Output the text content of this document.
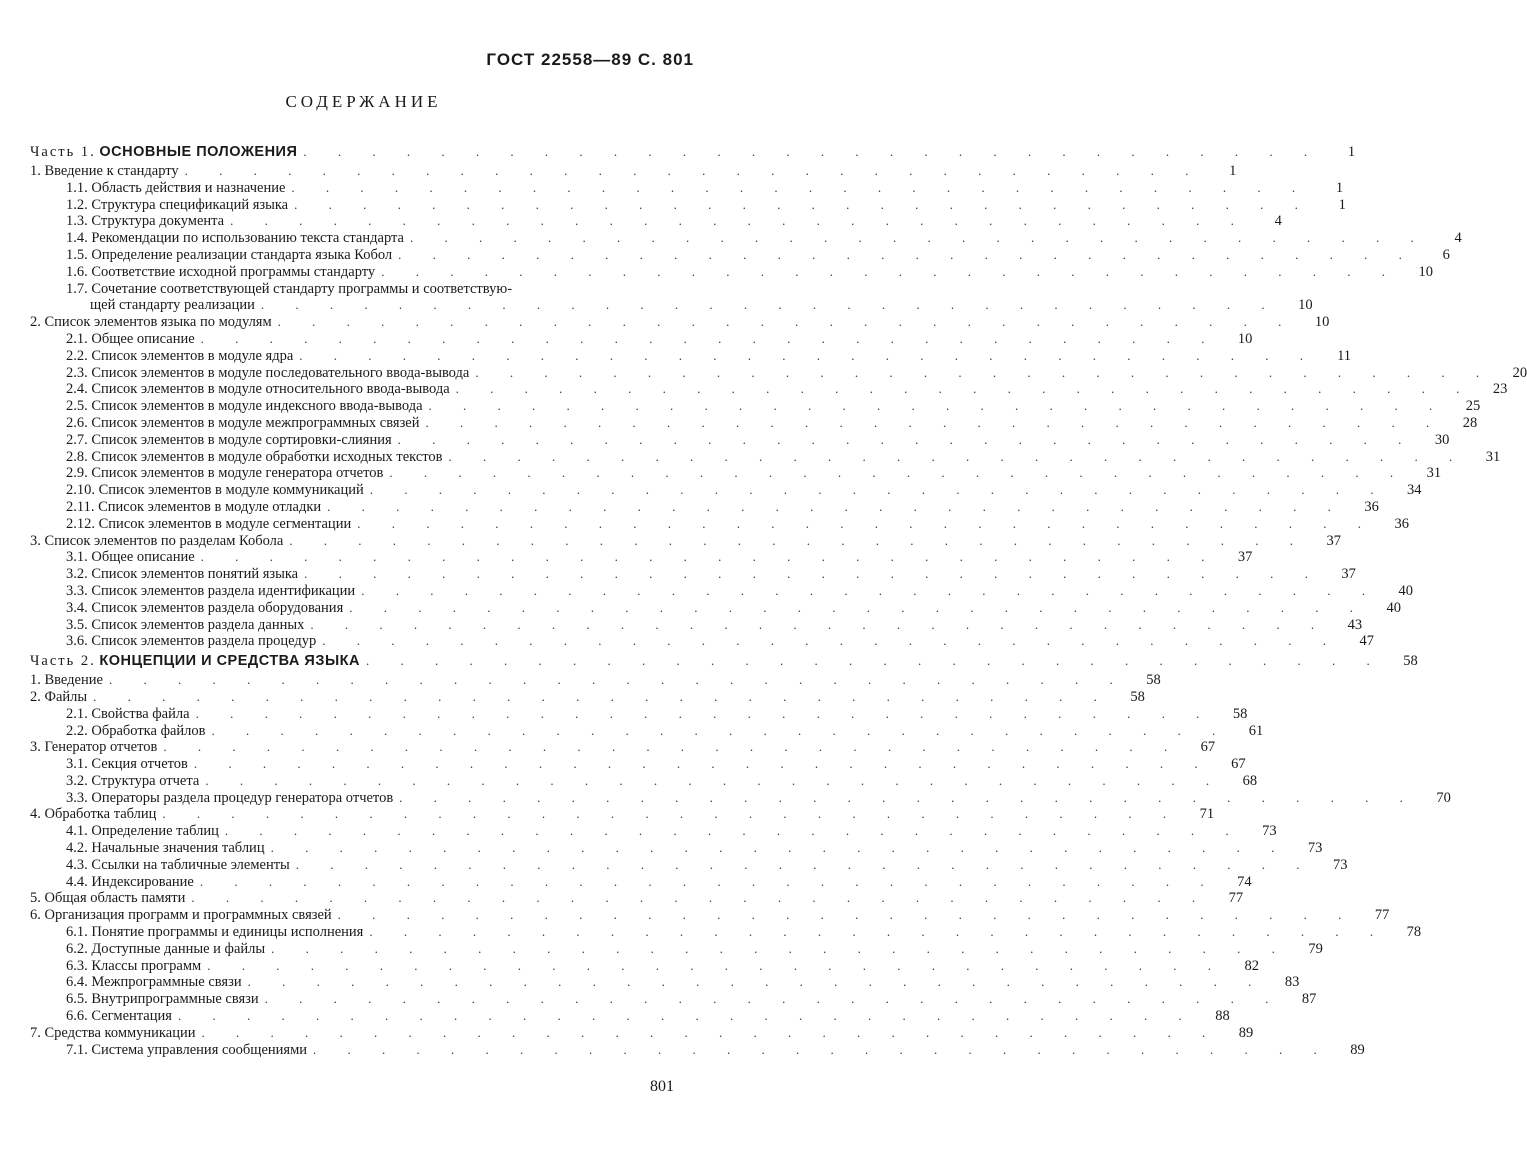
ГОСТ 22558—89 С. 801
СОДЕРЖАНИЕ
Часть 1. ОСНОВНЫЕ ПОЛОЖЕНИЯ . . . . . . . . . . . . . . . . . . . . . . . . . . . . . .	1
1. Введение к стандарту . . . . . . . . . . . . . . . . . . . . . . . . . . . . . .	1
1.1. Область действия и назначение . . . . . . . . . . . . . . . . . . . . . . . . . . . . . .	1
1.2. Структура спецификаций языка . . . . . . . . . . . . . . . . . . . . . . . . . . . . . .	1
1.3. Структура документа . . . . . . . . . . . . . . . . . . . . . . . . . . . . . .	4
1.4. Рекомендации по использованию текста стандарта . . . . . . . . . . . . . . . . . . . . . . . . . . . . . .	4
1.5. Определение реализации стандарта языка Кобол . . . . . . . . . . . . . . . . . . . . . . . . . . . . . .	6
1.6. Соответствие исходной программы стандарту . . . . . . . . . . . . . . . . . . . . . . . . . . . . . .	10
1.7. Сочетание соответствующей стандарту программы и соответствую-
щей стандарту реализации . . . . . . . . . . . . . . . . . . . . . . . . . . . . . .	10
2. Список элементов языка по модулям . . . . . . . . . . . . . . . . . . . . . . . . . . . . . .	10
2.1. Общее описание . . . . . . . . . . . . . . . . . . . . . . . . . . . . . .	10
2.2. Список элементов в модуле ядра . . . . . . . . . . . . . . . . . . . . . . . . . . . . . .	11
2.3. Список элементов в модуле последовательного ввода-вывода . . . . . . . . . . . . . . . . . . . . . . . . . . . . . .	20
2.4. Список элементов в модуле относительного ввода-вывода . . . . . . . . . . . . . . . . . . . . . . . . . . . . . .	23
2.5. Список элементов в модуле индексного ввода-вывода . . . . . . . . . . . . . . . . . . . . . . . . . . . . . .	25
2.6. Список элементов в модуле межпрограммных связей . . . . . . . . . . . . . . . . . . . . . . . . . . . . . .	28
2.7. Список элементов в модуле сортировки-слияния . . . . . . . . . . . . . . . . . . . . . . . . . . . . . .	30
2.8. Список элементов в модуле обработки исходных текстов . . . . . . . . . . . . . . . . . . . . . . . . . . . . . .	31
2.9. Список элементов в модуле генератора отчетов . . . . . . . . . . . . . . . . . . . . . . . . . . . . . .	31
2.10. Список элементов в модуле коммуникаций . . . . . . . . . . . . . . . . . . . . . . . . . . . . . .	34
2.11. Список элементов в модуле отладки . . . . . . . . . . . . . . . . . . . . . . . . . . . . . .	36
2.12. Список элементов в модуле сегментации . . . . . . . . . . . . . . . . . . . . . . . . . . . . . .	36
3. Список элементов по разделам Кобола . . . . . . . . . . . . . . . . . . . . . . . . . . . . . .	37
3.1. Общее описание . . . . . . . . . . . . . . . . . . . . . . . . . . . . . .	37
3.2. Список элементов понятий языка . . . . . . . . . . . . . . . . . . . . . . . . . . . . . .	37
3.3. Список элементов раздела идентификации . . . . . . . . . . . . . . . . . . . . . . . . . . . . . .	40
3.4. Список элементов раздела оборудования . . . . . . . . . . . . . . . . . . . . . . . . . . . . . .	40
3.5. Список элементов раздела данных . . . . . . . . . . . . . . . . . . . . . . . . . . . . . .	43
3.6. Список элементов раздела процедур . . . . . . . . . . . . . . . . . . . . . . . . . . . . . .	47
Часть 2. КОНЦЕПЦИИ И СРЕДСТВА ЯЗЫКА . . . . . . . . . . . . . . . . . . . . . . . . . . . . . .	58
1. Введение . . . . . . . . . . . . . . . . . . . . . . . . . . . . . .	58
2. Файлы . . . . . . . . . . . . . . . . . . . . . . . . . . . . . .	58
2.1. Свойства файла . . . . . . . . . . . . . . . . . . . . . . . . . . . . . .	58
2.2. Обработка файлов . . . . . . . . . . . . . . . . . . . . . . . . . . . . . .	61
3. Генератор отчетов . . . . . . . . . . . . . . . . . . . . . . . . . . . . . .	67
3.1. Секция отчетов . . . . . . . . . . . . . . . . . . . . . . . . . . . . . .	67
3.2. Структура отчета . . . . . . . . . . . . . . . . . . . . . . . . . . . . . .	68
3.3. Операторы раздела процедур генератора отчетов . . . . . . . . . . . . . . . . . . . . . . . . . . . . . .	70
4. Обработка таблиц . . . . . . . . . . . . . . . . . . . . . . . . . . . . . .	71
4.1. Определение таблиц . . . . . . . . . . . . . . . . . . . . . . . . . . . . . .	73
4.2. Начальные значения таблиц . . . . . . . . . . . . . . . . . . . . . . . . . . . . . .	73
4.3. Ссылки на табличные элементы . . . . . . . . . . . . . . . . . . . . . . . . . . . . . .	73
4.4. Индексирование . . . . . . . . . . . . . . . . . . . . . . . . . . . . . .	74
5. Общая область памяти . . . . . . . . . . . . . . . . . . . . . . . . . . . . . .	77
6. Организация программ и программных связей . . . . . . . . . . . . . . . . . . . . . . . . . . . . . .	77
6.1. Понятие программы и единицы исполнения . . . . . . . . . . . . . . . . . . . . . . . . . . . . . .	78
6.2. Доступные данные и файлы . . . . . . . . . . . . . . . . . . . . . . . . . . . . . .	79
6.3. Классы программ . . . . . . . . . . . . . . . . . . . . . . . . . . . . . .	82
6.4. Межпрограммные связи . . . . . . . . . . . . . . . . . . . . . . . . . . . . . .	83
6.5. Внутрипрограммные связи . . . . . . . . . . . . . . . . . . . . . . . . . . . . . .	87
6.6. Сегментация . . . . . . . . . . . . . . . . . . . . . . . . . . . . . .	88
7. Средства коммуникации . . . . . . . . . . . . . . . . . . . . . . . . . . . . . .	89
7.1. Система управления сообщениями . . . . . . . . . . . . . . . . . . . . . . . . . . . . . .	89
801
